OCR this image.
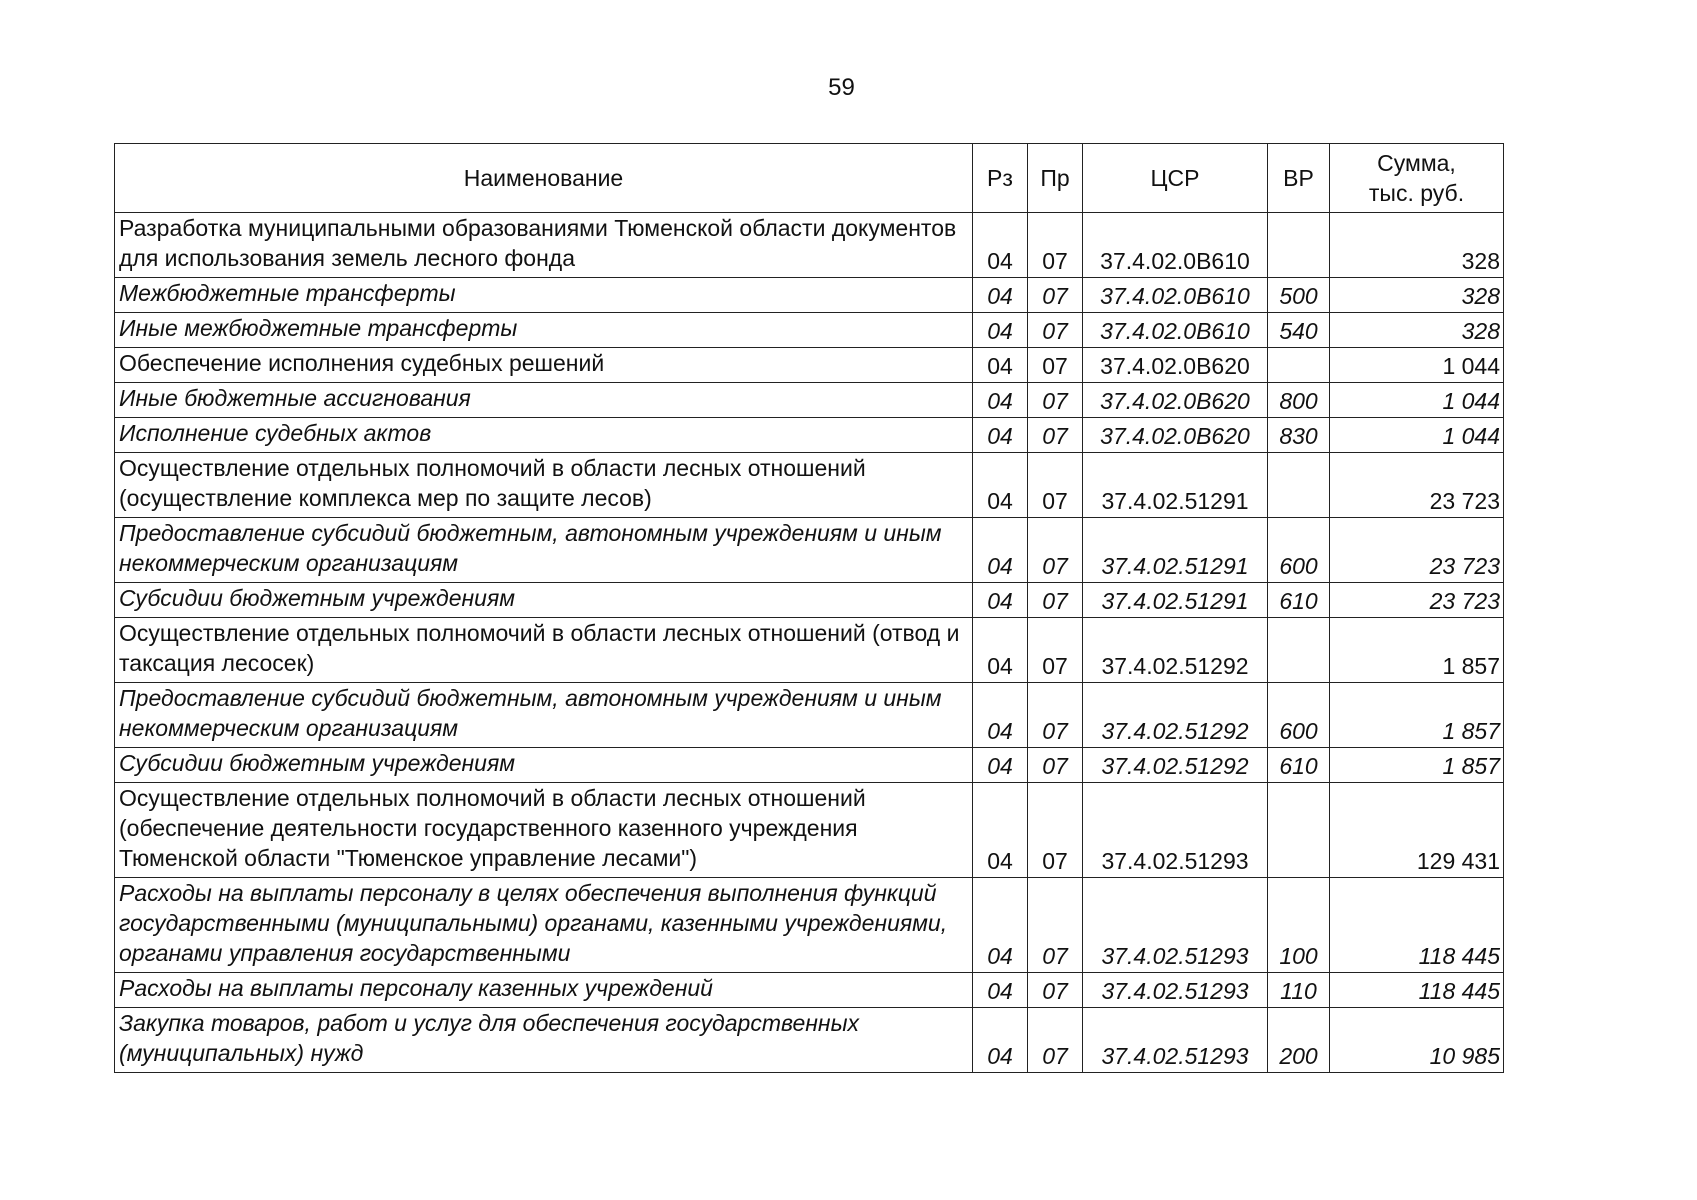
59
Наименование	Рз	Пр	ЦСР	ВР	Сумма,
тыс. руб.

Разработка муниципальными образованиями Тюменской области документов для использования земель лесного фонда	04	07	37.4.02.0В610		328
Межбюджетные трансферты	04	07	37.4.02.0В610	500	328
Иные межбюджетные трансферты	04	07	37.4.02.0В610	540	328
Обеспечение исполнения судебных решений	04	07	37.4.02.0В620		1 044
Иные бюджетные ассигнования	04	07	37.4.02.0В620	800	1 044
Исполнение судебных актов	04	07	37.4.02.0В620	830	1 044
Осуществление отдельных полномочий в области лесных отношений (осуществление комплекса мер по защите лесов)	04	07	37.4.02.51291		23 723
Предоставление субсидий бюджетным, автономным учреждениям и иным некоммерческим организациям	04	07	37.4.02.51291	600	23 723
Субсидии бюджетным учреждениям	04	07	37.4.02.51291	610	23 723
Осуществление отдельных полномочий в области лесных отношений (отвод и таксация лесосек)	04	07	37.4.02.51292		1 857
Предоставление субсидий бюджетным, автономным учреждениям и иным некоммерческим организациям	04	07	37.4.02.51292	600	1 857
Субсидии бюджетным учреждениям	04	07	37.4.02.51292	610	1 857
Осуществление отдельных полномочий в области лесных отношений (обеспечение деятельности государственного казенного учреждения Тюменской области "Тюменское управление лесами")	04	07	37.4.02.51293		129 431
Расходы на выплаты персоналу в целях обеспечения выполнения функций государственными (муниципальными) органами, казенными учреждениями, органами управления государственными	04	07	37.4.02.51293	100	118 445
Расходы на выплаты персоналу казенных учреждений	04	07	37.4.02.51293	110	118 445
Закупка товаров, работ и услуг для обеспечения государственных (муниципальных) нужд	04	07	37.4.02.51293	200	10 985
